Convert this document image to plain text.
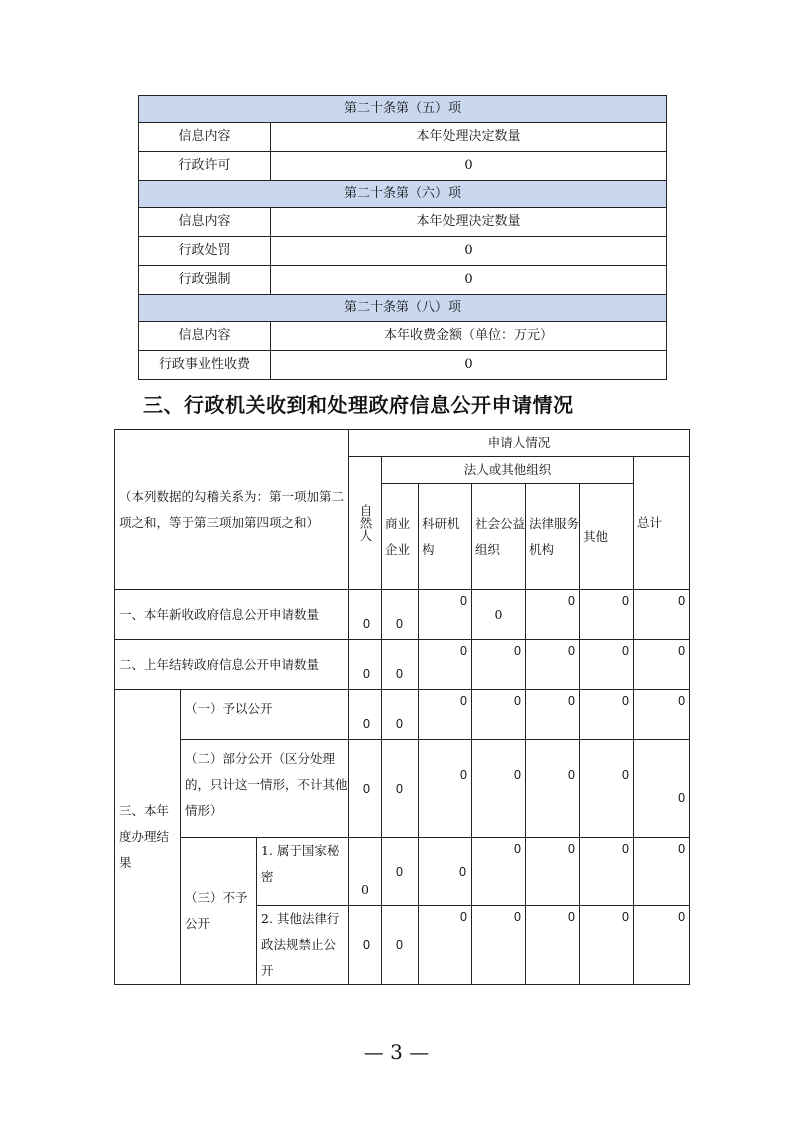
第二十条第（五）项	
信息内容	本年处理决定数量
行政许可	0
第二十条第（六）项	
信息内容	本年处理决定数量
行政处罚	0
行政强制	0
第二十条第（八）项	
信息内容	本年收费金额（单位：万元）
行政事业性收费	0
三、行政机关收到和处理政府信息公开申请情况
（本列数据的勾稽关系为：第一项加第二项之和，等于第三项加第四项之和）			申请人情况						
			自然人	法人或其他组织					总计
				商业企业	科研机构	社会公益组织	法律服务机构	其他	
一、本年新收政府信息公开申请数量			0	0	0	0	0	0	0
二、上年结转政府信息公开申请数量			0	0	0	0	0	0	0
三、本年度办理结果	（一）予以公开		0	0	0	0	0	0	0
	（二）部分公开（区分处理的，只计这一情形，不计其他情形）		0	0	0	0	0	0	0
	（三）不予公开	1. 属于国家秘密	0	0	0	0	0	0	0
		2. 其他法律行政法规禁止公开	0	0	0	0	0	0	0
— 3 —
